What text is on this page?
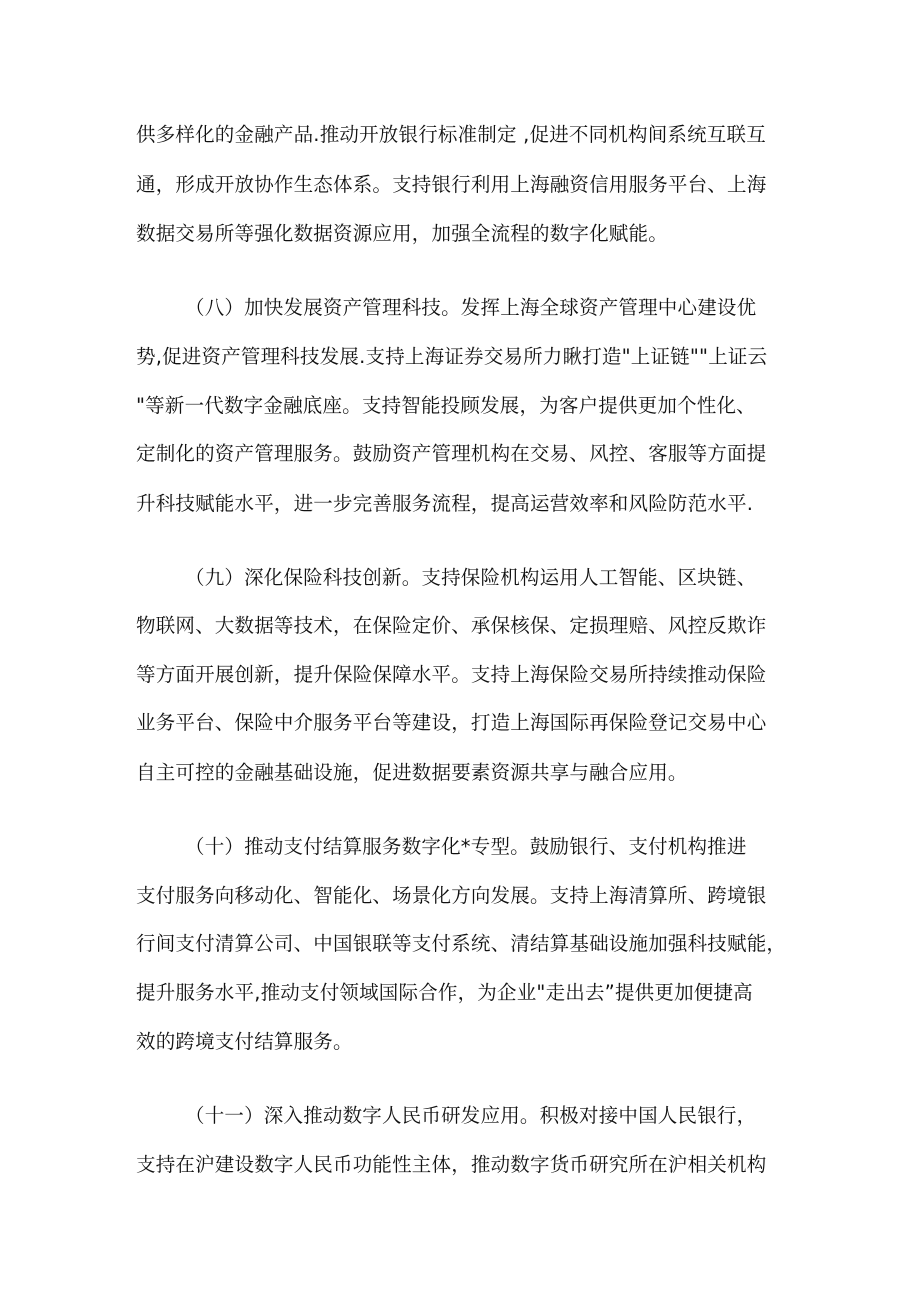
供多样化的金融产品.推动开放银行标准制定 ,促进不同机构间系统互联互
通，形成开放协作生态体系。支持银行利用上海融资信用服务平台、上海
数据交易所等强化数据资源应用，加强全流程的数字化赋能。
（八）加快发展资产管理科技。发挥上海全球资产管理中心建设优
势,促进资产管理科技发展.支持上海证券交易所力瞅打造"上证链""上证云
"等新一代数字金融底座。支持智能投顾发展，为客户提供更加个性化、
定制化的资产管理服务。鼓励资产管理机构在交易、风控、客服等方面提
升科技赋能水平，进一步完善服务流程，提高运营效率和风险防范水平.
（九）深化保险科技创新。支持保险机构运用人工智能、区块链、
物联网、大数据等技术，在保险定价、承保核保、定损理赔、风控反欺诈
等方面开展创新，提升保险保障水平。支持上海保险交易所持续推动保险
业务平台、保险中介服务平台等建设，打造上海国际再保险登记交易中心
自主可控的金融基础设施，促进数据要素资源共享与融合应用。
（十）推动支付结算服务数字化*专型。鼓励银行、支付机构推进
支付服务向移动化、智能化、场景化方向发展。支持上海清算所、跨境银
行间支付清算公司、中国银联等支付系统、清结算基础设施加强科技赋能，
提升服务水平,推动支付领域国际合作，为企业"走出去”提供更加便捷高
效的跨境支付结算服务。
（十一）深入推动数字人民币研发应用。积极对接中国人民银行，
支持在沪建设数字人民币功能性主体，推动数字货币研究所在沪相关机构
